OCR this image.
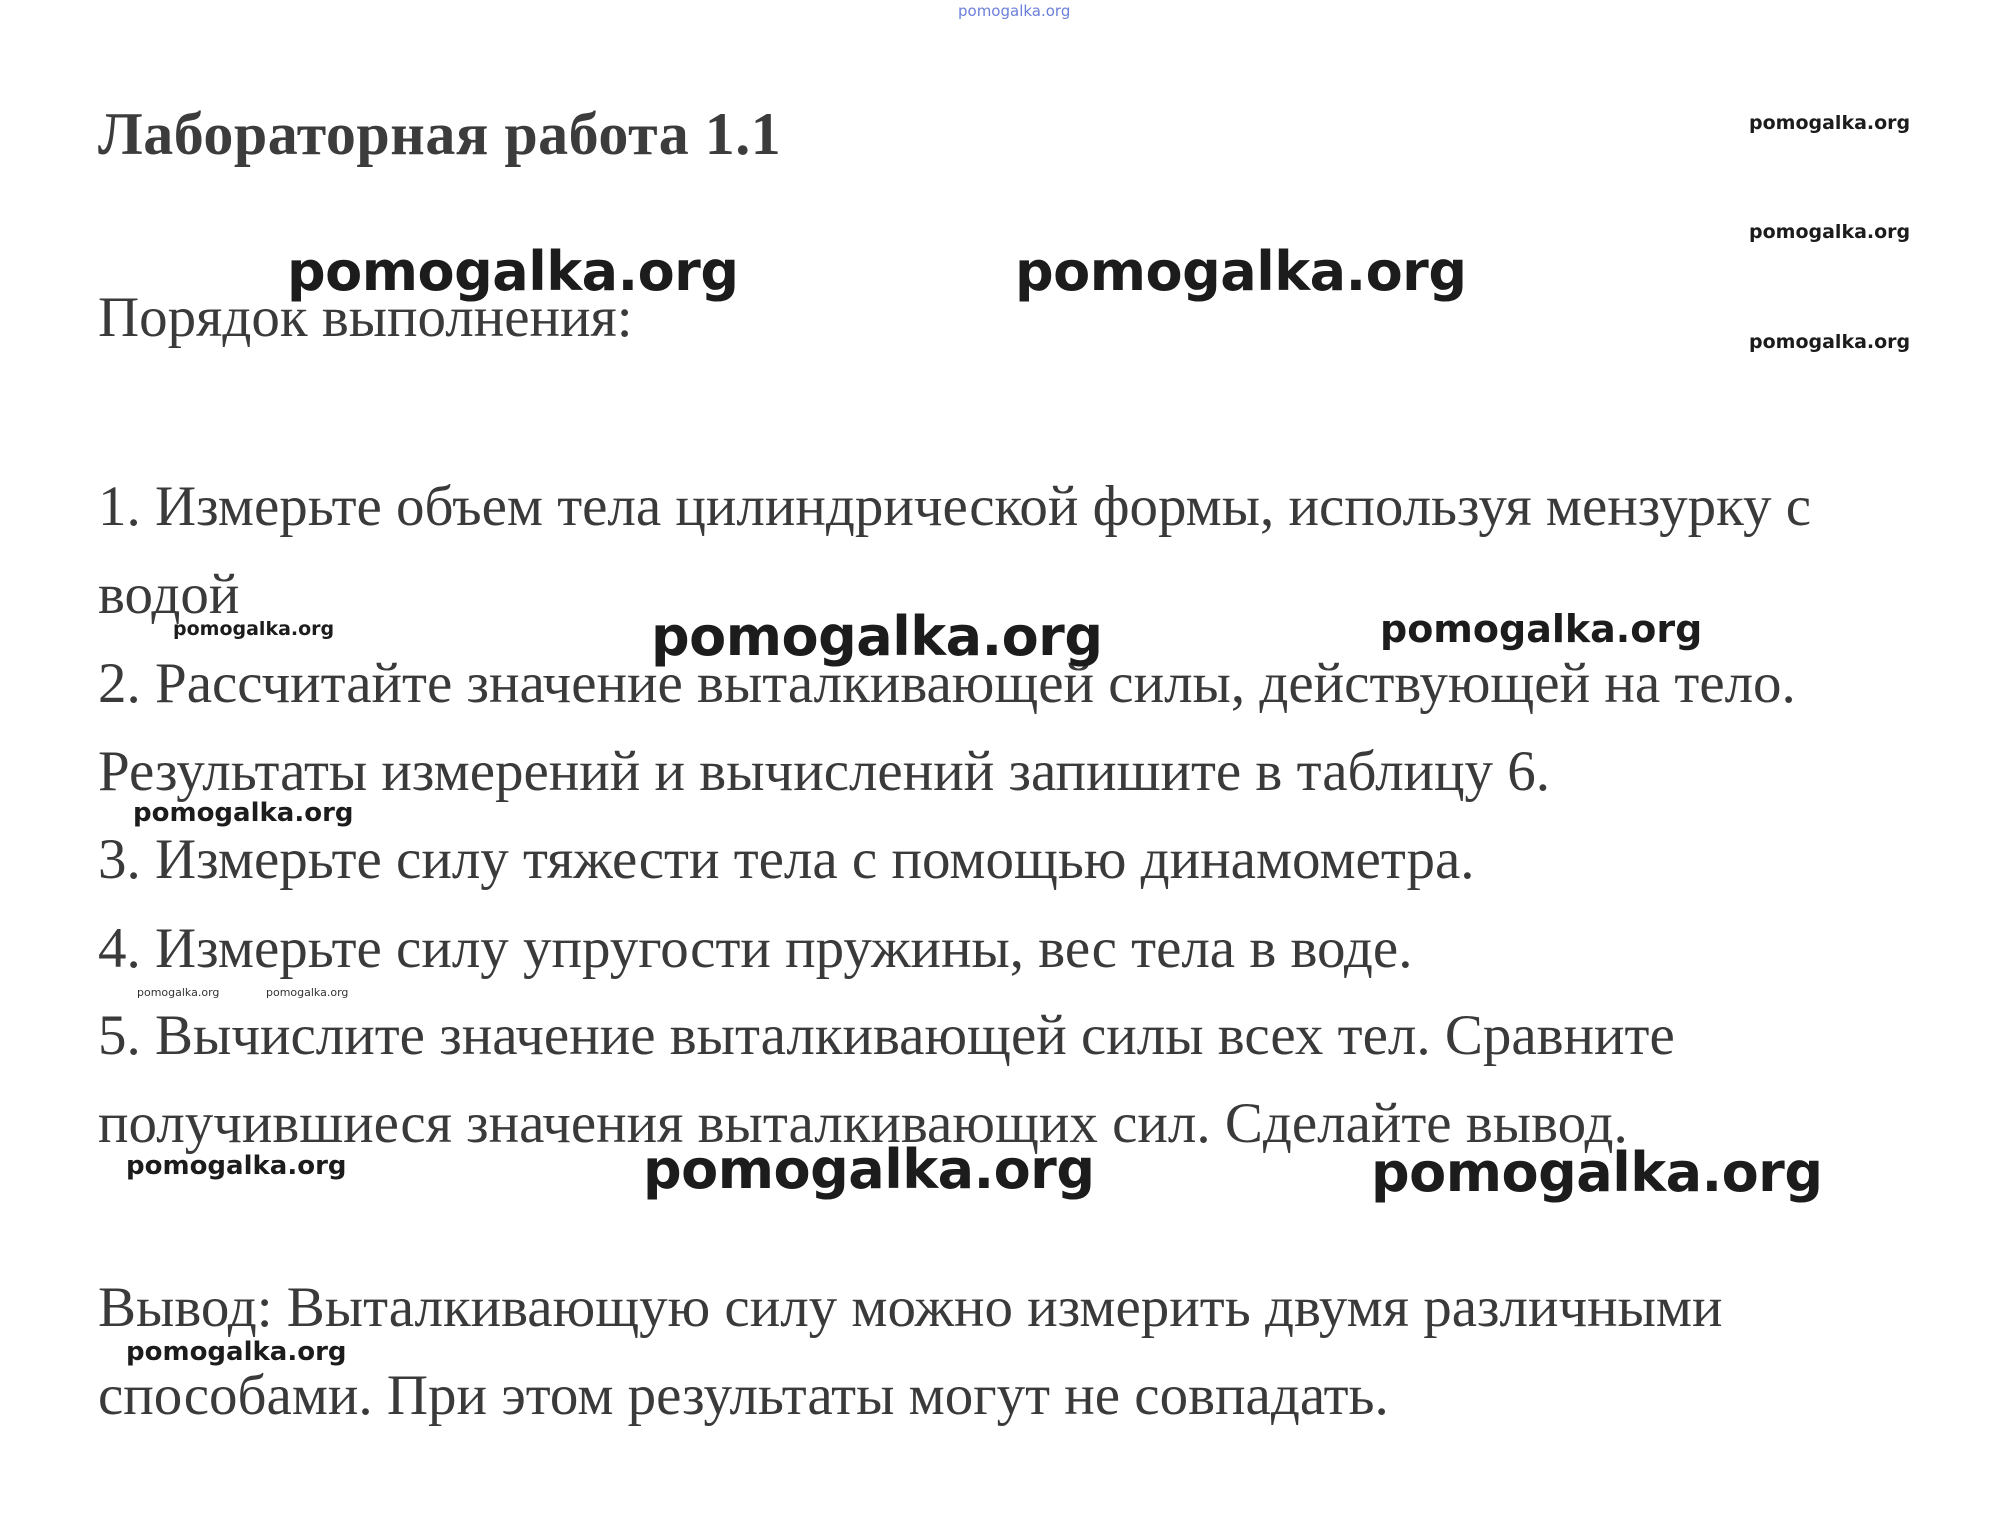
pomogalka.org
pomogalka.org
pomogalka.org
pomogalka.org
Лабораторная работа 1.1
Порядок выполнения:
1. Измерьте объем тела цилиндрической формы, используя мензурку с
водой
2. Рассчитайте значение выталкивающей силы, действующей на тело.
Результаты измерений и вычислений запишите в таблицу 6.
3. Измерьте силу тяжести тела с помощью динамометра.
4. Измерьте силу упругости пружины, вес тела в воде.
5. Вычислите значение выталкивающей силы всех тел. Сравните
получившиеся значения выталкивающих сил. Сделайте вывод.
Вывод: Выталкивающую силу можно измерить двумя различными
способами. При этом результаты могут не совпадать.
pomogalka.org	pomogalka.org
pomogalka.org	pomogalka.org	pomogalka.org
pomogalka.org
pomogalka.org	pomogalka.org
pomogalka.org	pomogalka.org	pomogalka.org
pomogalka.org
